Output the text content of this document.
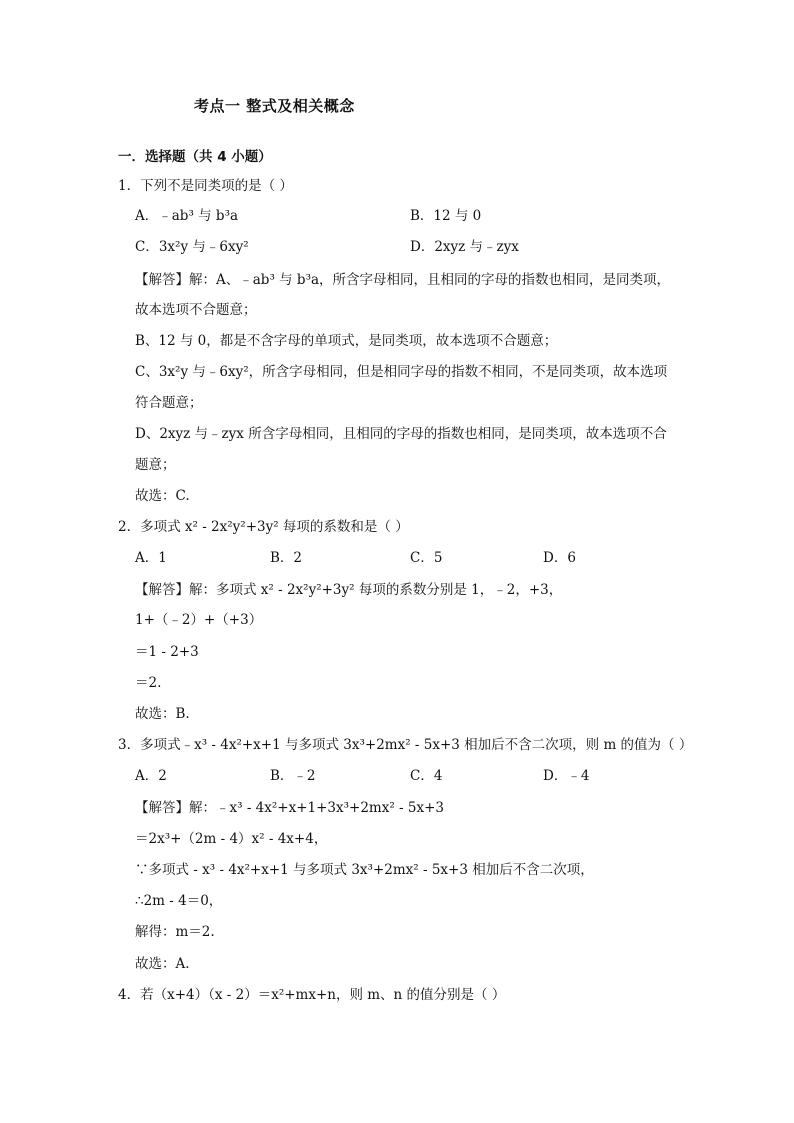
考点一 整式及相关概念
一．选择题（共 4 小题）
1．下列不是同类项的是（ ）
A．﹣ab³ 与 b³a	B．12 与 0
C．3x²y 与﹣6xy²	D．2xyz 与﹣zyx
【解答】解：A、﹣ab³ 与 b³a，所含字母相同，且相同的字母的指数也相同，是同类项，
故本选项不合题意；
B、12 与 0，都是不含字母的单项式，是同类项，故本选项不合题意；
C、3x²y 与﹣6xy²，所含字母相同，但是相同字母的指数不相同，不是同类项，故本选项
符合题意；
D、2xyz 与﹣zyx 所含字母相同，且相同的字母的指数也相同，是同类项，故本选项不合
题意；
故选：C.
2．多项式 x² - 2x²y²+3y² 每项的系数和是（ ）
A．1	B．2	C．5	D．6
【解答】解：多项式 x² - 2x²y²+3y² 每项的系数分别是 1，﹣2，+3，
1+（﹣2）+（+3）
＝1 - 2+3
＝2.
故选：B.
3．多项式﹣x³ - 4x²+x+1 与多项式 3x³+2mx² - 5x+3 相加后不含二次项，则 m 的值为（ ）
A．2	B．﹣2	C．4	D．﹣4
【解答】解：﹣x³ - 4x²+x+1+3x³+2mx² - 5x+3
＝2x³+（2m - 4）x² - 4x+4，
∵多项式 - x³ - 4x²+x+1 与多项式 3x³+2mx² - 5x+3 相加后不含二次项，
∴2m - 4＝0，
解得：m＝2.
故选：A.
4．若（x+4）（x - 2）＝x²+mx+n，则 m、n 的值分别是（ ）
